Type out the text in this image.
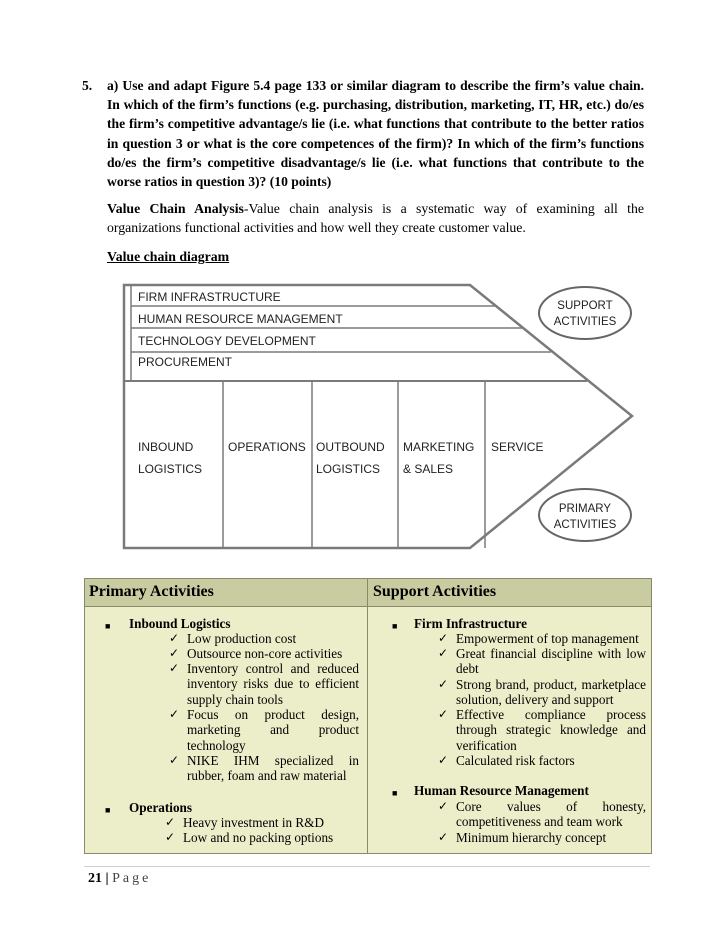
5. a) Use and adapt Figure 5.4 page 133 or similar diagram to describe the firm’s value chain. In which of the firm’s functions (e.g. purchasing, distribution, marketing, IT, HR, etc.) do/es the firm’s competitive advantage/s lie (i.e. what functions that contribute to the better ratios in question 3 or what is the core competences of the firm)? In which of the firm’s functions do/es the firm’s competitive disadvantage/s lie (i.e. what functions that contribute to the worse ratios in question 3)? (10 points)
Value Chain Analysis-Value chain analysis is a systematic way of examining all the organizations functional activities and how well they create customer value.
Value chain diagram
FIRM INFRASTRUCTURE
HUMAN RESOURCE MANAGEMENT
TECHNOLOGY DEVELOPMENT
PROCUREMENT
INBOUND
LOGISTICS
OPERATIONS OUTBOUND
LOGISTICS
MARKETING
& SALES
SERVICE
SUPPORT
ACTIVITIES
PRIMARY
ACTIVITIES
Primary Activities	Support Activities
■ Inbound Logistics
✓ Low production cost
✓ Outsource non-core activities
✓ Inventory control and reduced inventory risks due to efficient supply chain tools
✓ Focus on product design, marketing and product technology
✓ NIKE IHM specialized in rubber, foam and raw material
■ Operations
✓ Heavy investment in R&D
✓ Low and no packing options
■ Firm Infrastructure
✓ Empowerment of top management
✓ Great financial discipline with low debt
✓ Strong brand, product, marketplace solution, delivery and support
✓ Effective compliance process through strategic knowledge and verification
✓ Calculated risk factors
■ Human Resource Management
✓ Core values of honesty, competitiveness and team work
✓ Minimum hierarchy concept
21 | Page
